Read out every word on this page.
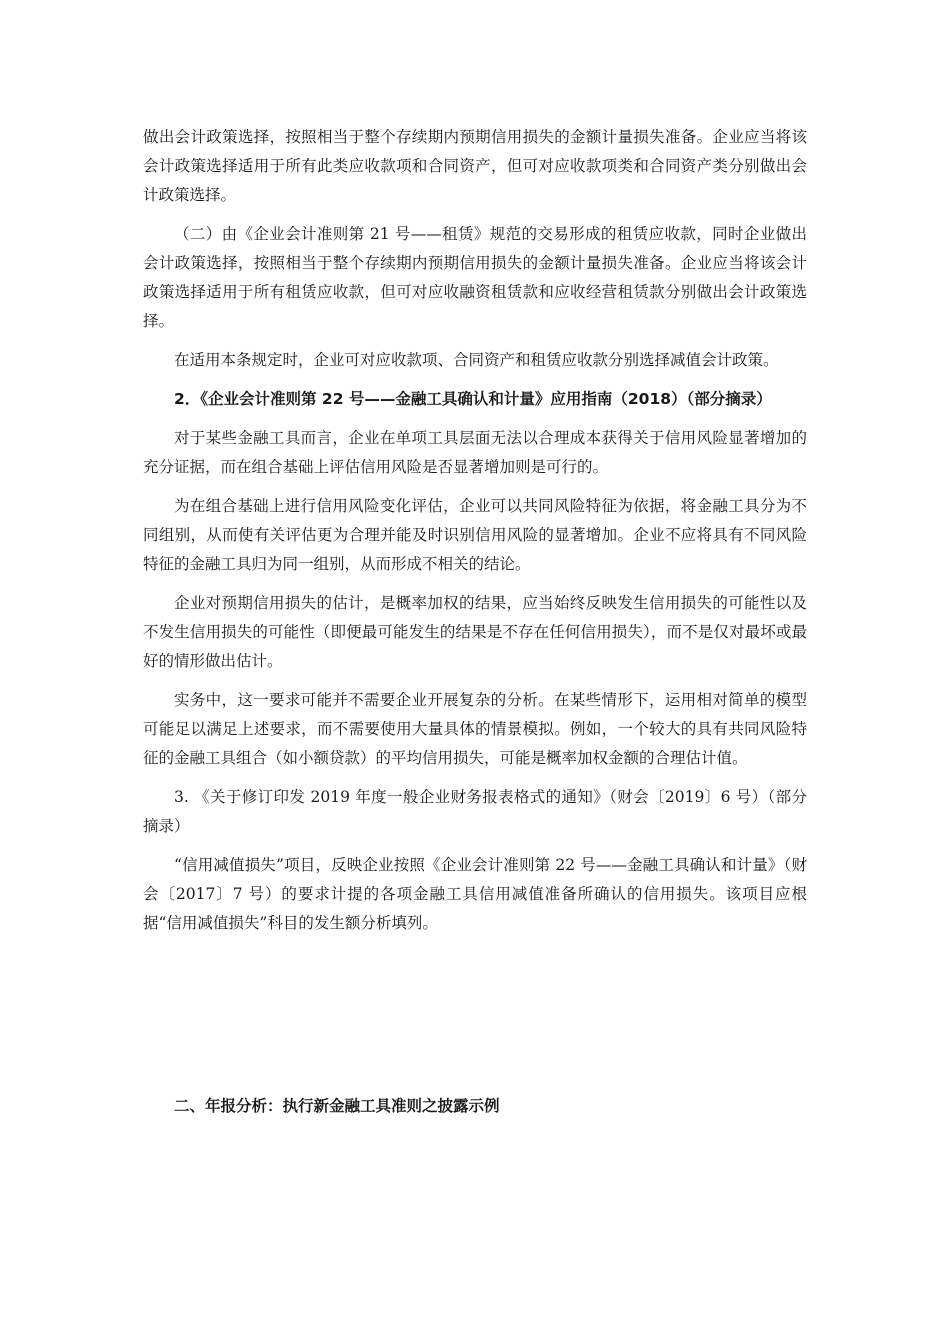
做出会计政策选择，按照相当于整个存续期内预期信用损失的金额计量损失准备。企业应当将该会计政策选择适用于所有此类应收款项和合同资产，但可对应收款项类和合同资产类分别做出会计政策选择。

（二）由《企业会计准则第 21 号——租赁》规范的交易形成的租赁应收款，同时企业做出会计政策选择，按照相当于整个存续期内预期信用损失的金额计量损失准备。企业应当将该会计政策选择适用于所有租赁应收款，但可对应收融资租赁款和应收经营租赁款分别做出会计政策选择。

在适用本条规定时，企业可对应收款项、合同资产和租赁应收款分别选择减值会计政策。

2．《企业会计准则第 22 号——金融工具确认和计量》应用指南（2018）（部分摘录）

对于某些金融工具而言，企业在单项工具层面无法以合理成本获得关于信用风险显著增加的充分证据，而在组合基础上评估信用风险是否显著增加则是可行的。

为在组合基础上进行信用风险变化评估，企业可以共同风险特征为依据，将金融工具分为不同组别，从而使有关评估更为合理并能及时识别信用风险的显著增加。企业不应将具有不同风险特征的金融工具归为同一组别，从而形成不相关的结论。

企业对预期信用损失的估计，是概率加权的结果，应当始终反映发生信用损失的可能性以及不发生信用损失的可能性（即便最可能发生的结果是不存在任何信用损失），而不是仅对最坏或最好的情形做出估计。

实务中，这一要求可能并不需要企业开展复杂的分析。在某些情形下，运用相对简单的模型可能足以满足上述要求，而不需要使用大量具体的情景模拟。例如，一个较大的具有共同风险特征的金融工具组合（如小额贷款）的平均信用损失，可能是概率加权金额的合理估计值。

3. 《关于修订印发 2019 年度一般企业财务报表格式的通知》（财会〔2019〕6 号）（部分摘录）

“信用减值损失”项目，反映企业按照《企业会计准则第 22 号——金融工具确认和计量》（财会〔2017〕7 号）的要求计提的各项金融工具信用减值准备所确认的信用损失。该项目应根据“信用减值损失”科目的发生额分析填列。

二、年报分析：执行新金融工具准则之披露示例
